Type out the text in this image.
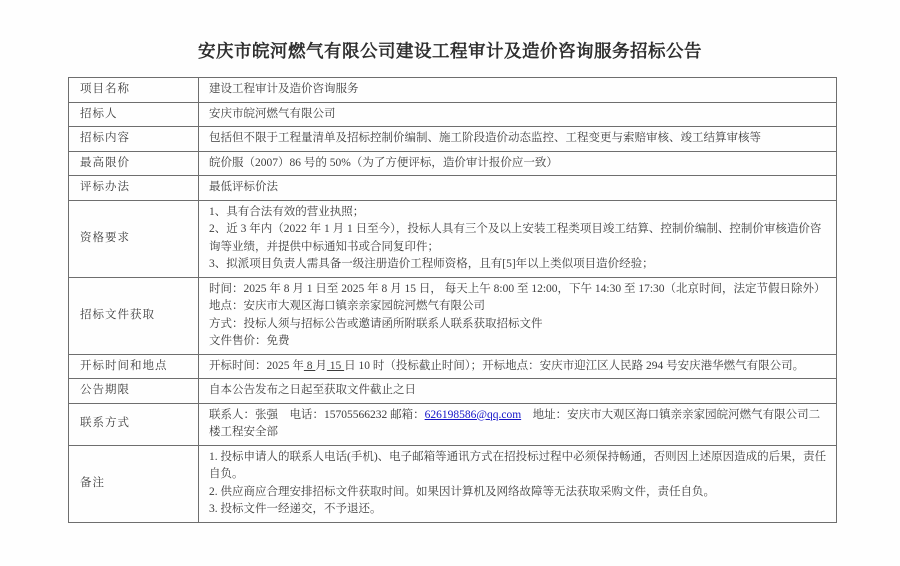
安庆市皖河燃气有限公司建设工程审计及造价咨询服务招标公告
项目名称	建设工程审计及造价咨询服务

招标人	安庆市皖河燃气有限公司

招标内容	包括但不限于工程量清单及招标控制价编制、施工阶段造价动态监控、工程变更与索赔审核、竣工结算审核等

最高限价	皖价服（2007）86 号的 50%（为了方便评标，造价审计报价应一致）

评标办法	最低评标价法

资格要求	1、具有合法有效的营业执照；

2、近 3 年内（2022 年 1 月 1 日至今），投标人具有三个及以上安装工程类项目竣工结算、控制价编制、控制价审核造价咨询等业绩，并提供中标通知书或合同复印件；

3、拟派项目负责人需具备一级注册造价工程师资格，且有[5]年以上类似项目造价经验；

招标文件获取	时间：2025 年 8 月 1 日至 2025 年 8 月 15 日， 每天上午 8:00 至 12:00，下午 14:30 至 17:30（北京时间，法定节假日除外）

地点：安庆市大观区海口镇亲亲家园皖河燃气有限公司

方式：投标人须与招标公告或邀请函所附联系人联系获取招标文件

文件售价：免费

开标时间和地点	开标时间：2025 年 8 月 15 日 10 时（投标截止时间）；开标地点：安庆市迎江区人民路 294 号安庆港华燃气有限公司。

公告期限	自本公告发布之日起至获取文件截止之日

联系方式	联系人：张强　电话：15705566232 邮箱：626198586@qq.com　地址：安庆市大观区海口镇亲亲家园皖河燃气有限公司二楼工程安全部

备注	1. 投标申请人的联系人电话(手机)、电子邮箱等通讯方式在招投标过程中必须保持畅通，否则因上述原因造成的后果，责任自负。

2. 供应商应合理安排招标文件获取时间。如果因计算机及网络故障等无法获取采购文件，责任自负。

3. 投标文件一经递交，不予退还。
